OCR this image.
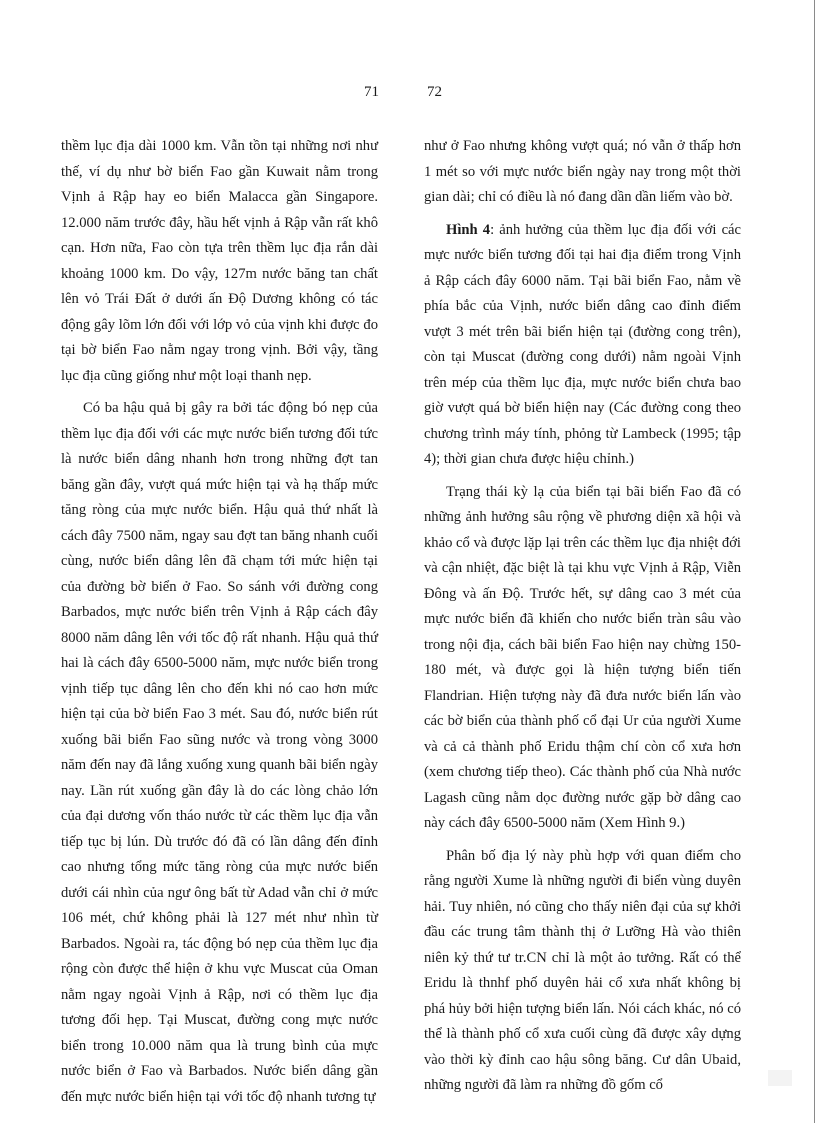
71	72

thềm lục địa dài 1000 km. Vẫn tồn tại những nơi như thế, ví dụ như bờ biển Fao gần Kuwait nằm trong Vịnh ả Rập hay eo biển Malacca gần Singapore. 12.000 năm trước đây, hầu hết vịnh ả Rập vẫn rất khô cạn. Hơn nữa, Fao còn tựa trên thềm lục địa rắn dài khoảng 1000 km. Do vậy, 127m nước băng tan chất lên vỏ Trái Đất ở dưới ấn Độ Dương không có tác động gây lõm lớn đối với lớp vỏ của vịnh khi được đo tại bờ biển Fao nằm ngay trong vịnh. Bởi vậy, tầng lục địa cũng giống như một loại thanh nẹp.

Có ba hậu quả bị gây ra bởi tác động bó nẹp của thềm lục địa đối với các mực nước biển tương đối tức là nước biển dâng nhanh hơn trong những đợt tan băng gần đây, vượt quá mức hiện tại và hạ thấp mức tăng ròng của mực nước biển. Hậu quả thứ nhất là cách đây 7500 năm, ngay sau đợt tan băng nhanh cuối cùng, nước biển dâng lên đã chạm tới mức hiện tại của đường bờ biển ở Fao. So sánh với đường cong Barbados, mực nước biển trên Vịnh ả Rập cách đây 8000 năm dâng lên với tốc độ rất nhanh. Hậu quả thứ hai là cách đây 6500-5000 năm, mực nước biển trong vịnh tiếp tục dâng lên cho đến khi nó cao hơn mức hiện tại của bờ biển Fao 3 mét. Sau đó, nước biển rút xuống bãi biển Fao sũng nước và trong vòng 3000 năm đến nay đã lắng xuống xung quanh bãi biển ngày nay. Lần rút xuống gần đây là do các lòng chảo lớn của đại dương vốn tháo nước từ các thềm lục địa vẫn tiếp tục bị lún. Dù trước đó đã có lần dâng đến đỉnh cao nhưng tổng mức tăng ròng của mực nước biển dưới cái nhìn của ngư ông bất từ Adad vẫn chỉ ở mức 106 mét, chứ không phải là 127 mét như nhìn từ Barbados. Ngoài ra, tác động bó nẹp của thềm lục địa rộng còn được thể hiện ở khu vực Muscat của Oman nằm ngay ngoài Vịnh ả Rập, nơi có thềm lục địa tương đối hẹp. Tại Muscat, đường cong mực nước biển trong 10.000 năm qua là trung bình của mực nước biển ở Fao và Barbados. Nước biển dâng gần đến mực nước biển hiện tại với tốc độ nhanh tương tự

như ở Fao nhưng không vượt quá; nó vẫn ở thấp hơn 1 mét so với mực nước biển ngày nay trong một thời gian dài; chỉ có điều là nó đang dần dần liếm vào bờ.

Hình 4: ảnh hưởng của thềm lục địa đối với các mực nước biển tương đối tại hai địa điểm trong Vịnh ả Rập cách đây 6000 năm. Tại bãi biển Fao, nằm về phía bắc của Vịnh, nước biển dâng cao đỉnh điểm vượt 3 mét trên bãi biển hiện tại (đường cong trên), còn tại Muscat (đường cong dưới) nằm ngoài Vịnh trên mép của thềm lục địa, mực nước biển chưa bao giờ vượt quá bờ biển hiện nay (Các đường cong theo chương trình máy tính, phỏng từ Lambeck (1995; tập 4); thời gian chưa được hiệu chỉnh.)

Trạng thái kỳ lạ của biển tại bãi biển Fao đã có những ảnh hưởng sâu rộng về phương diện xã hội và khảo cổ và được lặp lại trên các thềm lục địa nhiệt đới và cận nhiệt, đặc biệt là tại khu vực Vịnh ả Rập, Viễn Đông và ấn Độ. Trước hết, sự dâng cao 3 mét của mực nước biển đã khiến cho nước biển tràn sâu vào trong nội địa, cách bãi biển Fao hiện nay chừng 150-180 mét, và được gọi là hiện tượng biển tiến Flandrian. Hiện tượng này đã đưa nước biển lấn vào các bờ biển của thành phố cổ đại Ur của người Xume và cả cả thành phố Eridu thậm chí còn cổ xưa hơn (xem chương tiếp theo). Các thành phố của Nhà nước Lagash cũng nằm dọc đường nước gặp bờ dâng cao này cách đây 6500-5000 năm (Xem Hình 9.)

Phân bố địa lý này phù hợp với quan điểm cho rằng người Xume là những người đi biển vùng duyên hải. Tuy nhiên, nó cũng cho thấy niên đại của sự khởi đầu các trung tâm thành thị ở Lưỡng Hà vào thiên niên kỷ thứ tư tr.CN chỉ là một ảo tưởng. Rất có thể Eridu là thnhf phố duyên hải cổ xưa nhất không bị phá hủy bởi hiện tượng biển lấn. Nói cách khác, nó có thể là thành phố cổ xưa cuối cùng đã được xây dựng vào thời kỳ đỉnh cao hậu sông băng. Cư dân Ubaid, những người đã làm ra những đồ gốm cổ
